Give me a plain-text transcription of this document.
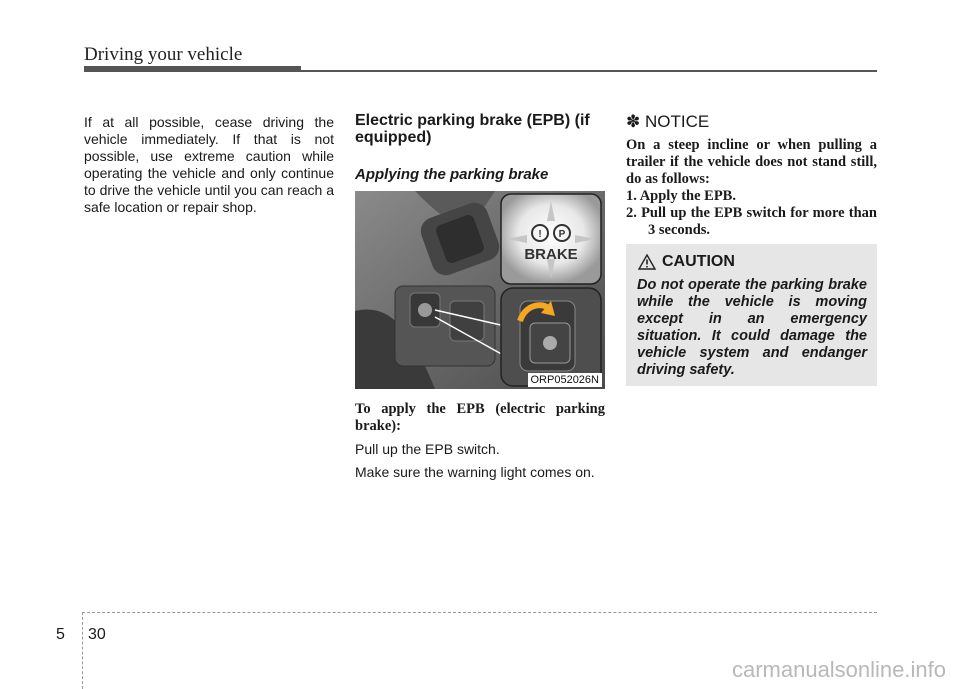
Driving your vehicle

If at all possible, cease driving the vehicle immediately. If that is not possible, use extreme caution while operating the vehicle and only continue to drive the vehicle until you can reach a safe location or repair shop.

Electric parking brake (EPB) (if equipped)

Applying the parking brake

! P
BRAKE
ORP052026N

To apply the EPB (electric parking brake):

Pull up the EPB switch.

Make sure the warning light comes on.

✽ NOTICE

On a steep incline or when pulling a trailer if the vehicle does not stand still, do as follows:

1. Apply the EPB.

2. Pull up the EPB switch for more than 3 seconds.

CAUTION

Do not operate the parking brake while the vehicle is moving except in an emergency situation. It could damage the vehicle system and endanger driving safety.

5 30
carmanualsonline.info
